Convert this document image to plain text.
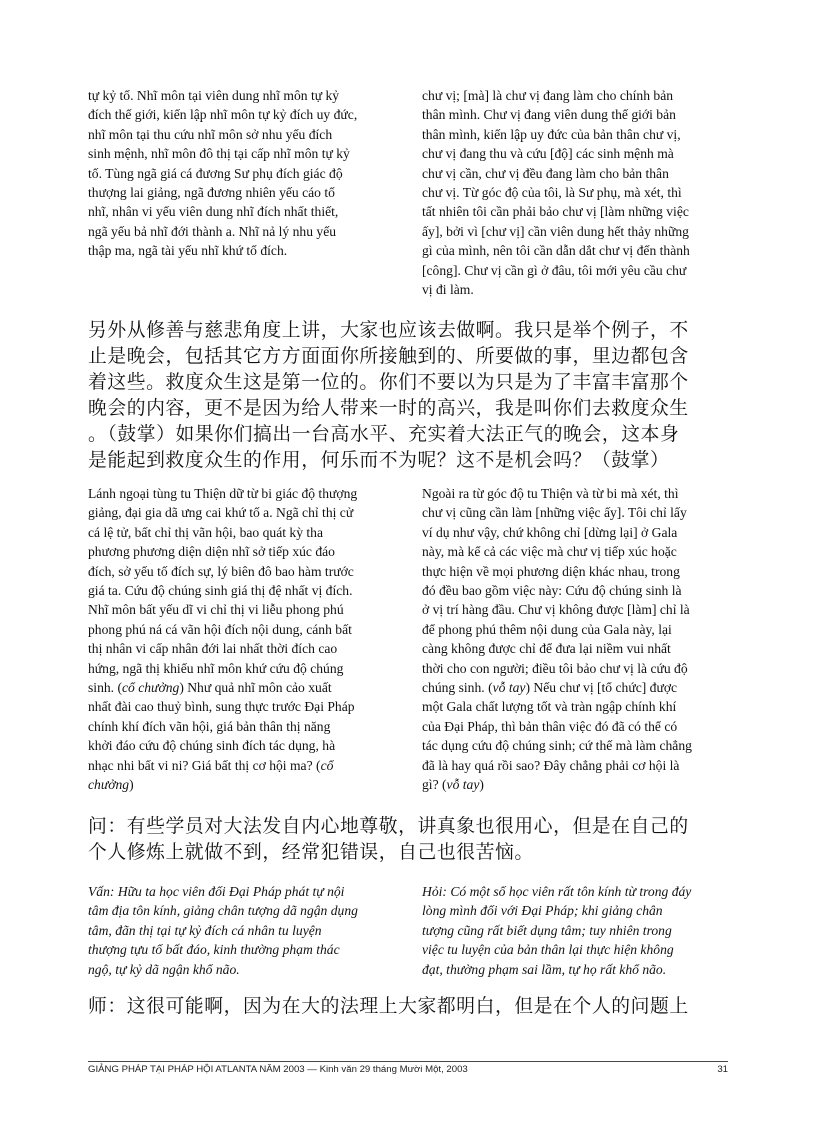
tự kỷ tố. Nhĩ môn tại viên dung nhĩ môn tự kỷ
đích thế giới, kiến lập nhĩ môn tự kỷ đích uy đức,
nhĩ môn tại thu cứu nhĩ môn sở nhu yếu đích
sinh mệnh, nhĩ môn đô thị tại cấp nhĩ môn tự kỷ
tố. Tùng ngã giá cá đương Sư phụ đích giác độ
thượng lai giảng, ngã đương nhiên yếu cáo tố
nhĩ, nhân vi yếu viên dung nhĩ đích nhất thiết,
ngã yếu bả nhĩ đới thành a. Nhĩ nả lý nhu yếu
thập ma, ngã tài yếu nhĩ khứ tố đích.

chư vị; [mà] là chư vị đang làm cho chính bản
thân mình. Chư vị đang viên dung thế giới bản
thân mình, kiến lập uy đức của bản thân chư vị,
chư vị đang thu và cứu [độ] các sinh mệnh mà
chư vị cần, chư vị đều đang làm cho bản thân
chư vị. Từ góc độ của tôi, là Sư phụ, mà xét, thì
tất nhiên tôi cần phải bảo chư vị [làm những việc
ấy], bởi vì [chư vị] cần viên dung hết thảy những
gì của mình, nên tôi cần dẫn dắt chư vị đến thành
[công]. Chư vị cần gì ở đâu, tôi mới yêu cầu chư
vị đi làm.

另外从修善与慈悲角度上讲，大家也应该去做啊。我只是举个例子，不
止是晚会，包括其它方方面面你所接触到的、所要做的事，里边都包含
着这些。救度众生这是第一位的。你们不要以为只是为了丰富丰富那个
晚会的内容，更不是因为给人带来一时的高兴，我是叫你们去救度众生
。（鼓掌）如果你们搞出一台高水平、充实着大法正气的晚会，这本身
是能起到救度众生的作用，何乐而不为呢？这不是机会吗？（鼓掌）

Lánh ngoại tùng tu Thiện dữ từ bi giác độ thượng
giảng, đại gia dã ưng cai khứ tố a. Ngã chỉ thị cử
cá lệ tử, bất chỉ thị vãn hội, bao quát kỳ tha
phương phương diện diện nhĩ sở tiếp xúc đáo
đích, sở yếu tố đích sự, lý biên đô bao hàm trước
giá ta. Cứu độ chúng sinh giá thị đệ nhất vị đích.
Nhĩ môn bất yếu dĩ vi chỉ thị vi liễu phong phú
phong phú ná cá vãn hội đích nội dung, cánh bất
thị nhân vi cấp nhân đới lai nhất thời đích cao
hứng, ngã thị khiếu nhĩ môn khứ cứu độ chúng
sinh. (cổ chưởng) Như quả nhĩ môn cảo xuất
nhất đài cao thuỷ bình, sung thực trước Đại Pháp
chính khí đích vãn hội, giá bản thân thị năng
khởi đáo cứu độ chúng sinh đích tác dụng, hà
nhạc nhi bất vi ni? Giá bất thị cơ hội ma? (cổ
chưởng)

Ngoài ra từ góc độ tu Thiện và từ bi mà xét, thì
chư vị cũng cần làm [những việc ấy]. Tôi chỉ lấy
ví dụ như vậy, chứ không chỉ [dừng lại] ở Gala
này, mà kể cả các việc mà chư vị tiếp xúc hoặc
thực hiện về mọi phương diện khác nhau, trong
đó đều bao gồm việc này: Cứu độ chúng sinh là
ở vị trí hàng đầu. Chư vị không được [làm] chỉ là
để phong phú thêm nội dung của Gala này, lại
càng không được chỉ để đưa lại niềm vui nhất
thời cho con người; điều tôi bảo chư vị là cứu độ
chúng sinh. (vỗ tay) Nếu chư vị [tổ chức] được
một Gala chất lượng tốt và tràn ngập chính khí
của Đại Pháp, thì bản thân việc đó đã có thể có
tác dụng cứu độ chúng sinh; cứ thế mà làm chẳng
đã là hay quá rồi sao? Đây chẳng phải cơ hội là
gì? (vỗ tay)

问：有些学员对大法发自内心地尊敬，讲真象也很用心，但是在自己的
个人修炼上就做不到，经常犯错误，自己也很苦恼。

Vấn: Hữu ta học viên đối Đại Pháp phát tự nội
tâm địa tôn kính, giảng chân tượng dã ngận dụng
tâm, đãn thị tại tự kỷ đích cá nhân tu luyện
thượng tựu tố bất đáo, kinh thường phạm thác
ngộ, tự kỷ dã ngận khổ não.

Hỏi: Có một số học viên rất tôn kính từ trong đáy
lòng mình đối với Đại Pháp; khi giảng chân
tượng cũng rất biết dụng tâm; tuy nhiên trong
việc tu luyện của bản thân lại thực hiện không
đạt, thường phạm sai lầm, tự họ rất khổ não.

师：这很可能啊，因为在大的法理上大家都明白，但是在个人的问题上

GIẢNG PHÁP TẠI PHÁP HỘI ATLANTA NĂM 2003 — Kinh văn 29 tháng Mười Một, 2003	31
